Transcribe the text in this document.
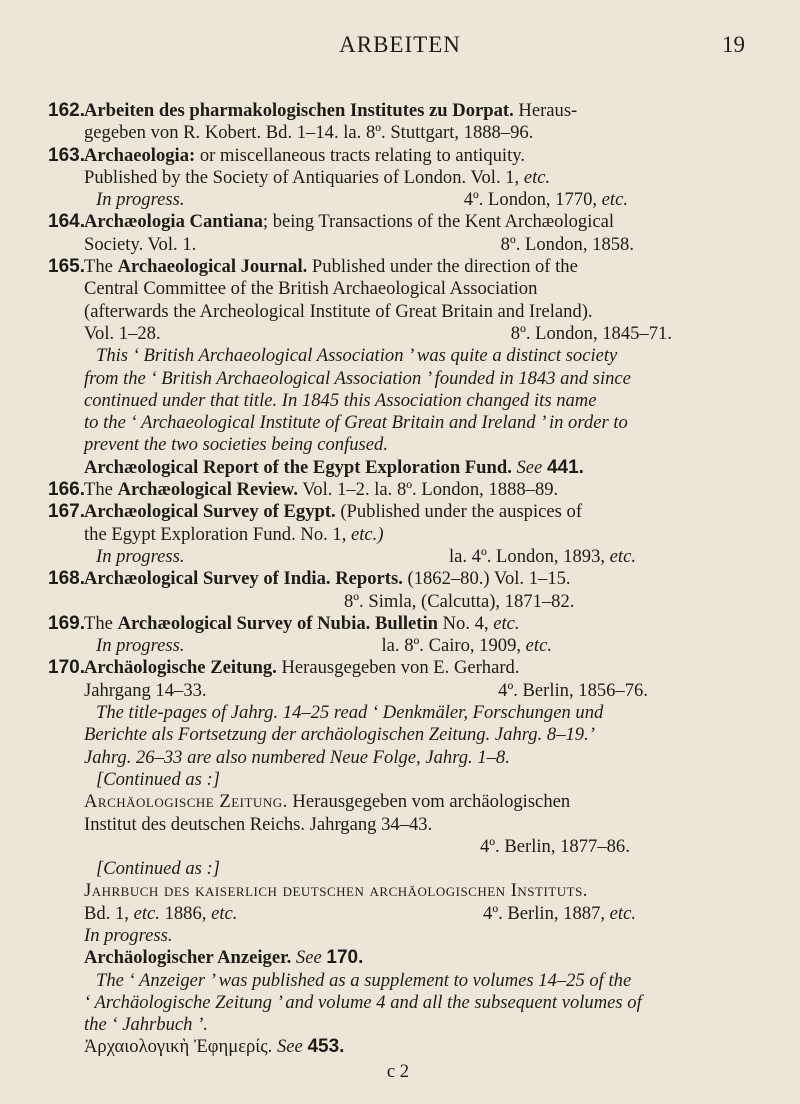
ARBEITEN	19
162. Arbeiten des pharmakologischen Institutes zu Dorpat. Heraus-
gegeben von R. Kobert. Bd. 1–14. la. 8º. Stuttgart, 1888–96.
163. Archaeologia: or miscellaneous tracts relating to antiquity.
Published by the Society of Antiquaries of London. Vol. 1, etc.
In progress.	4º. London, 1770, etc.
164. Archæologia Cantiana; being Transactions of the Kent Archæological
Society. Vol. 1.	8º. London, 1858.
165. The Archaeological Journal. Published under the direction of the
Central Committee of the British Archaeological Association
(afterwards the Archeological Institute of Great Britain and Ireland).
Vol. 1–28.	8º. London, 1845–71.
This ‘ British Archaeological Association ’ was quite a distinct society
from the ‘ British Archaeological Association ’ founded in 1843 and since
continued under that title. In 1845 this Association changed its name
to the ‘ Archaeological Institute of Great Britain and Ireland ’ in order to
prevent the two societies being confused.
Archæological Report of the Egypt Exploration Fund. See 441.
166. The Archæological Review. Vol. 1–2. la. 8º. London, 1888–89.
167. Archæological Survey of Egypt. (Published under the auspices of
the Egypt Exploration Fund. No. 1, etc.)
In progress.	la. 4º. London, 1893, etc.
168. Archæological Survey of India. Reports. (1862–80.) Vol. 1–15.
8º. Simla, (Calcutta), 1871–82.
169. The Archæological Survey of Nubia. Bulletin No. 4, etc.
In progress.	la. 8º. Cairo, 1909, etc.
170. Archäologische Zeitung. Herausgegeben von E. Gerhard.
Jahrgang 14–33.	4º. Berlin, 1856–76.
The title-pages of Jahrg. 14–25 read ‘ Denkmäler, Forschungen und
Berichte als Fortsetzung der archäologischen Zeitung. Jahrg. 8–19.’
Jahrg. 26–33 are also numbered Neue Folge, Jahrg. 1–8.
[Continued as :]
Archäologische Zeitung. Herausgegeben vom archäologischen
Institut des deutschen Reichs. Jahrgang 34–43.
4º. Berlin, 1877–86.
[Continued as :]
Jahrbuch des kaiserlich deutschen archäologischen Instituts.
Bd. 1, etc. 1886, etc.	4º. Berlin, 1887, etc.
In progress.
Archäologischer Anzeiger. See 170.
The ‘ Anzeiger ’ was published as a supplement to volumes 14–25 of the
‘ Archäologische Zeitung ’ and volume 4 and all the subsequent volumes of
the ‘ Jahrbuch ’.
Ἀρχαιολογικὴ Ἐφημερίς. See 453.
c 2
